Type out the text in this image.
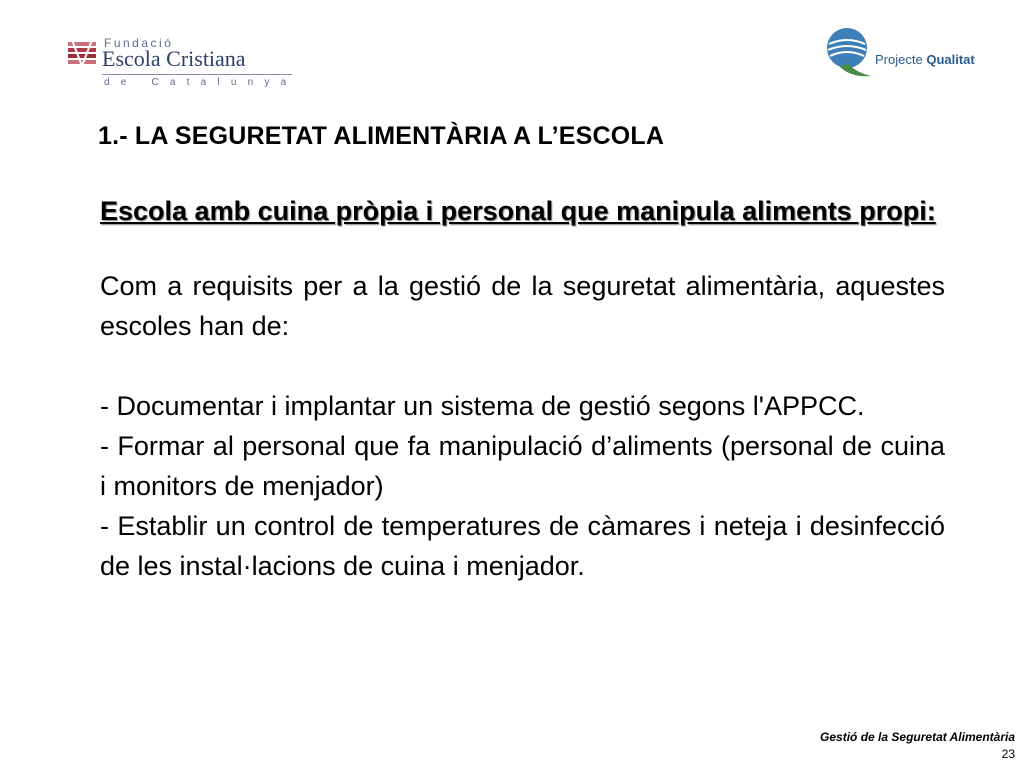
Fundació
Escola Cristiana
de Catalunya
Projecte Qualitat
1.- LA SEGURETAT ALIMENTÀRIA A L’ESCOLA

Escola amb cuina pròpia i personal que manipula aliments propi:

Com a requisits per a la gestió de la seguretat alimentària, aquestes escoles han de:

- Documentar i implantar un sistema de gestió segons l'APPCC.

- Formar al personal que fa manipulació d’aliments (personal de cuina i monitors de menjador)

- Establir un control de temperatures de càmares i neteja i desinfecció de les instal·lacions de cuina i menjador.

Gestió de la Seguretat Alimentària
23
